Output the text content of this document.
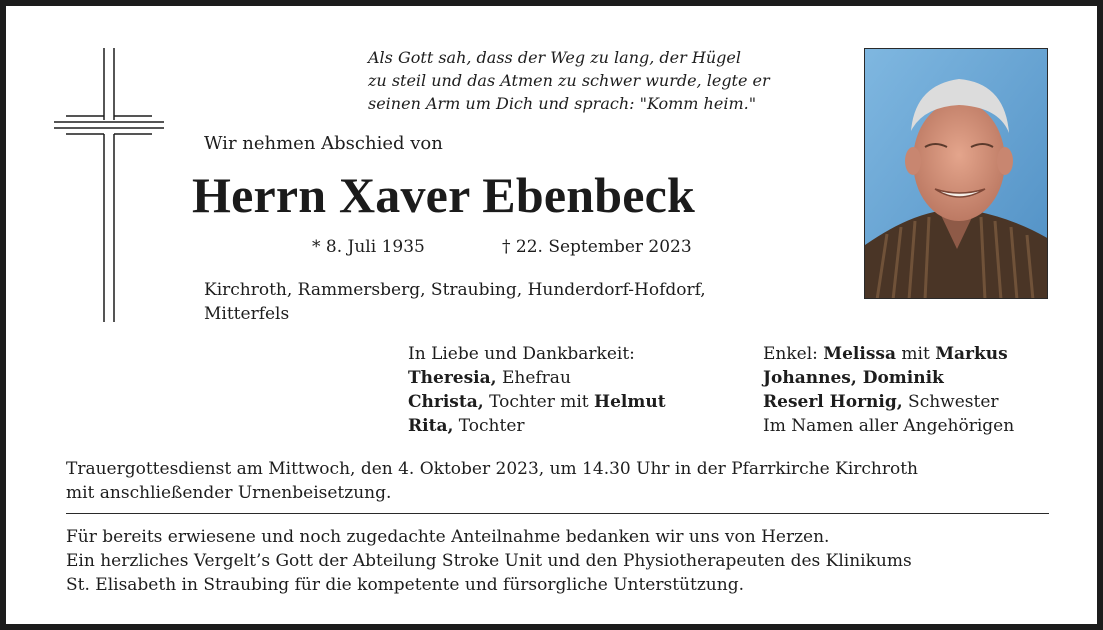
Als Gott sah, dass der Weg zu lang, der Hügel
zu steil und das Atmen zu schwer wurde, legte er
seinen Arm um Dich und sprach: "Komm heim."
Wir nehmen Abschied von
Herrn Xaver Ebenbeck
* 8. Juli 1935	† 22. September 2023
Kirchroth, Rammersberg, Straubing, Hunderdorf-Hofdorf,
Mitterfels
In Liebe und Dankbarkeit:
Theresia, Ehefrau
Christa, Tochter mit Helmut
Rita, Tochter
Enkel: Melissa mit Markus
Johannes, Dominik
Reserl Hornig, Schwester
Im Namen aller Angehörigen
Trauergottesdienst am Mittwoch, den 4. Oktober 2023, um 14.30 Uhr in der Pfarrkirche Kirchroth
mit anschließender Urnenbeisetzung.
Für bereits erwiesene und noch zugedachte Anteilnahme bedanken wir uns von Herzen.
Ein herzliches Vergelt’s Gott der Abteilung Stroke Unit und den Physiotherapeuten des Klinikums
St. Elisabeth in Straubing für die kompetente und fürsorgliche Unterstützung.
